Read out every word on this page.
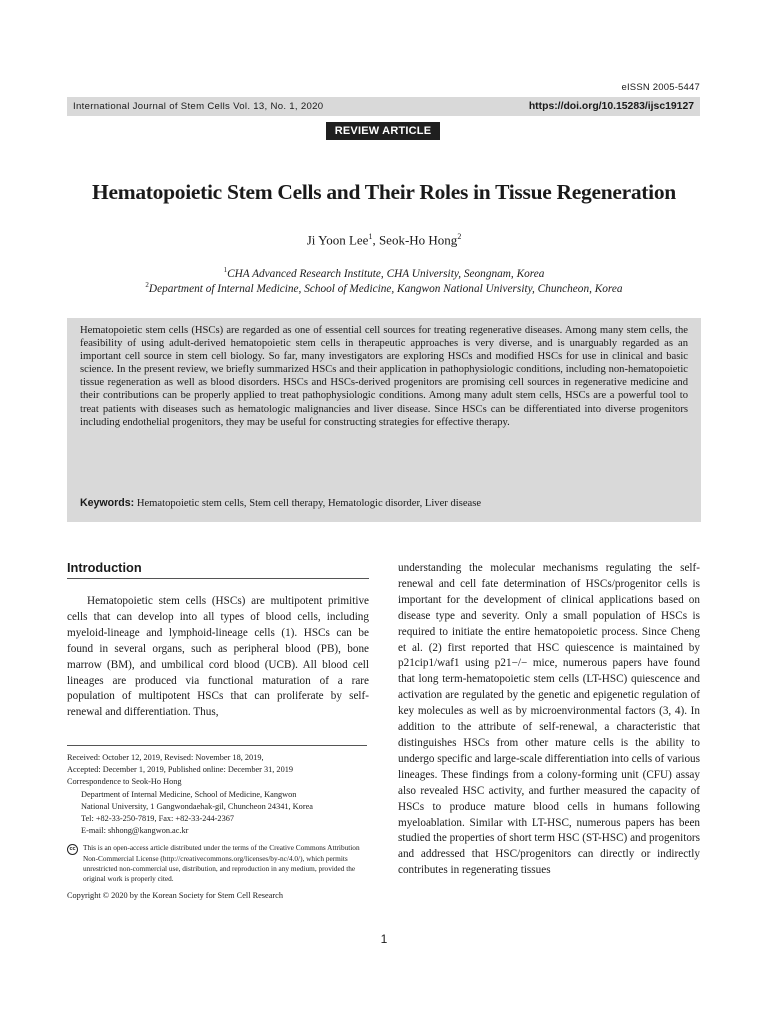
eISSN 2005-5447
International Journal of Stem Cells Vol. 13, No. 1, 2020	https://doi.org/10.15283/ijsc19127
REVIEW ARTICLE
Hematopoietic Stem Cells and Their Roles in Tissue Regeneration
Ji Yoon Lee$^1$, Seok-Ho Hong$^2$
$^1$CHA Advanced Research Institute, CHA University, Seongnam, Korea
$^2$Department of Internal Medicine, School of Medicine, Kangwon National University, Chuncheon, Korea

Hematopoietic stem cells (HSCs) are regarded as one of essential cell sources for treating regenerative diseases. Among many stem cells, the feasibility of using adult-derived hematopoietic stem cells in therapeutic approaches is very diverse, and is unarguably regarded as an important cell source in stem cell biology. So far, many investigators are exploring HSCs and modified HSCs for use in clinical and basic science. In the present review, we briefly summarized HSCs and their application in pathophysiologic conditions, including non-hematopoietic tissue regeneration as well as blood disorders. HSCs and HSCs-derived progenitors are promising cell sources in regenerative medicine and their contributions can be properly applied to treat pathophysiologic conditions. Among many adult stem cells, HSCs are a powerful tool to treat patients with diseases such as hematologic malignancies and liver disease. Since HSCs can be differentiated into diverse progenitors including endothelial progenitors, they may be useful for constructing strategies for effective therapy.

Keywords: Hematopoietic stem cells, Stem cell therapy, Hematologic disorder, Liver disease
Introduction

Hematopoietic stem cells (HSCs) are multipotent primitive cells that can develop into all types of blood cells, including myeloid-lineage and lymphoid-lineage cells (1). HSCs can be found in several organs, such as peripheral blood (PB), bone marrow (BM), and umbilical cord blood (UCB). All blood cell lineages are produced via functional maturation of a rare population of multipotent HSCs that can proliferate by self-renewal and differentiation. Thus,

understanding the molecular mechanisms regulating the self-renewal and cell fate determination of HSCs/progenitor cells is important for the development of clinical applications based on disease type and severity. Only a small population of HSCs is required to initiate the entire hematopoietic process. Since Cheng et al. (2) first reported that HSC quiescence is maintained by p21cip1/waf1 using p21−/− mice, numerous papers have found that long term-hematopoietic stem cells (LT-HSC) quiescence and activation are regulated by the genetic and epigenetic regulation of key molecules as well as by microenvironmental factors (3, 4). In addition to the attribute of self-renewal, a characteristic that distinguishes HSCs from other mature cells is the ability to undergo specific and large-scale differentiation into cells of various lineages. These findings from a colony-forming unit (CFU) assay also revealed HSC activity, and further measured the capacity of HSCs to produce mature blood cells in humans following myeloablation. Similar with LT-HSC, numerous papers has been studied the properties of short term HSC (ST-HSC) and progenitors and addressed that HSC/progenitors can directly or indirectly contributes in regenerating tissues

Received: October 12, 2019, Revised: November 18, 2019,

Accepted: December 1, 2019, Published online: December 31, 2019

Correspondence to Seok-Ho Hong

Department of Internal Medicine, School of Medicine, Kangwon

National University, 1 Gangwondaehak-gil, Chuncheon 24341, Korea

Tel: +82-33-250-7819, Fax: +82-33-244-2367

E-mail: shhong@kangwon.ac.kr

cc	This is an open-access article distributed under the terms of the Creative Commons Attribution Non-Commercial License (http://creativecommons.org/licenses/by-nc/4.0/), which permits unrestricted non-commercial use, distribution, and reproduction in any medium, provided the original work is properly cited.

Copyright © 2020 by the Korean Society for Stem Cell Research

1
